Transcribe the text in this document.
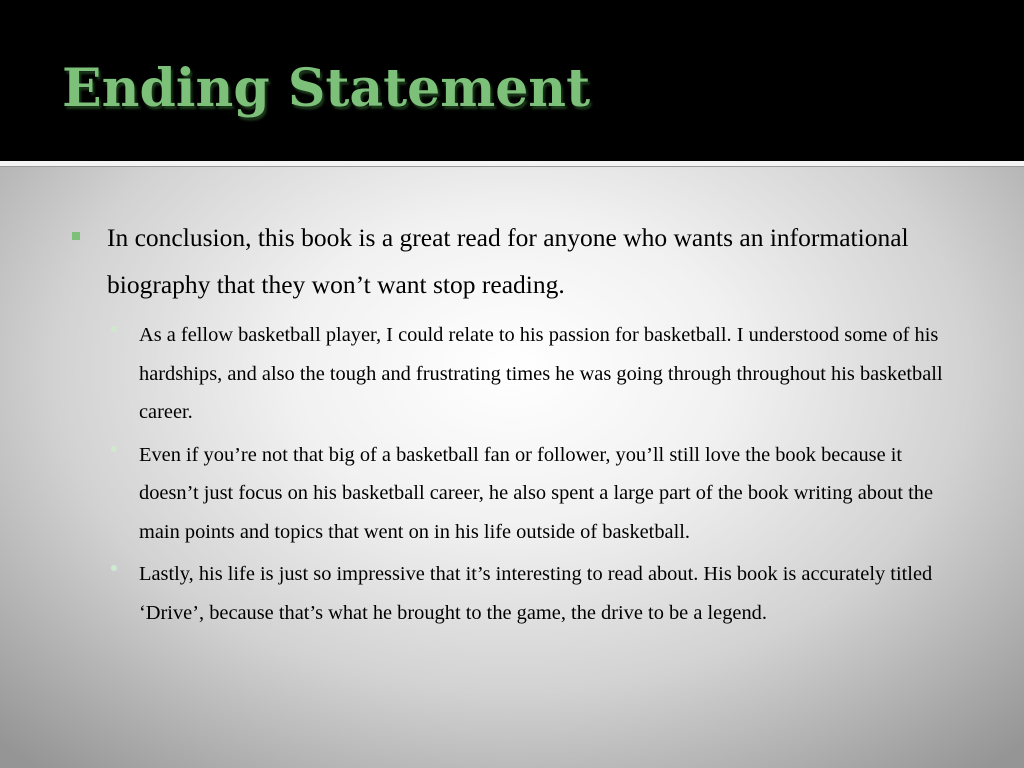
Ending Statement
In conclusion, this book is a great read for anyone who wants an informational biography that they won’t want stop reading.
As a fellow basketball player, I could relate to his passion for basketball. I understood some of his hardships, and also the tough and frustrating times he was going through throughout his basketball career.
Even if you’re not that big of a basketball fan or follower, you’ll still love the book because it doesn’t just focus on his basketball career, he also spent a large part of the book writing about the main points and topics that went on in his life outside of basketball.
Lastly, his life is just so impressive that it’s interesting to read about. His book is accurately titled ‘Drive’, because that’s what he brought to the game, the drive to be a legend.
